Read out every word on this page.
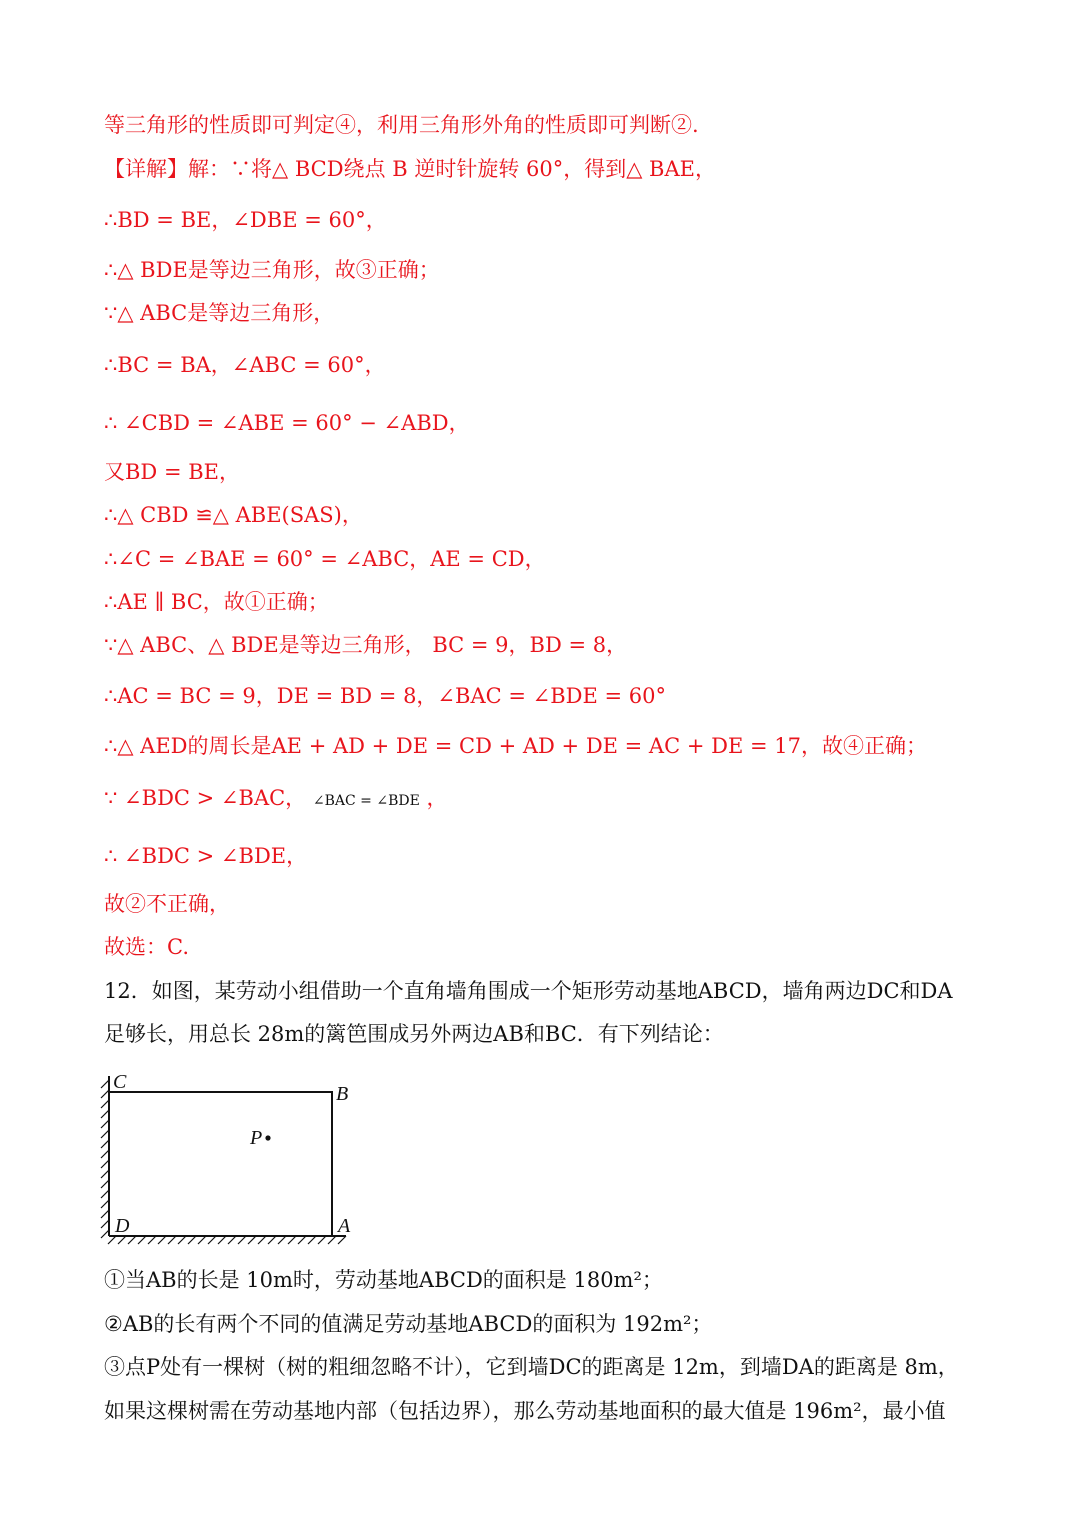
等三角形的性质即可判定④，利用三角形外角的性质即可判断②.

【详解】解：∵将△ BCD绕点 B 逆时针旋转 60°，得到△ BAE，

∴BD = BE，∠DBE = 60°，

∴△ BDE是等边三角形，故③正确；

∵△ ABC是等边三角形，

∴BC = BA，∠ABC = 60°，

∴ ∠CBD = ∠ABE = 60° − ∠ABD，

又BD = BE，

∴△ CBD ≌△ ABE(SAS)，

∴∠C = ∠BAE = 60° = ∠ABC，AE = CD，

∴AE ∥ BC，故①正确；

∵△ ABC、△ BDE是等边三角形， BC = 9，BD = 8，

∴AC = BC = 9，DE = BD = 8，∠BAC = ∠BDE = 60°

∴△ AED的周长是AE + AD + DE = CD + AD + DE = AC + DE = 17，故④正确；

∵ ∠BDC > ∠BAC， ∠BAC = ∠BDE ，

∴ ∠BDC > ∠BDE，

故②不正确，

故选：C.

12．如图，某劳动小组借助一个直角墙角围成一个矩形劳动基地ABCD，墙角两边DC和DA

足够长，用总长 28m的篱笆围成另外两边AB和BC．有下列结论：

C
B
D	A
P

①当AB的长是 10m时，劳动基地ABCD的面积是 180m²；

②AB的长有两个不同的值满足劳动基地ABCD的面积为 192m²；

③点P处有一棵树（树的粗细忽略不计），它到墙DC的距离是 12m，到墙DA的距离是 8m，

如果这棵树需在劳动基地内部（包括边界），那么劳动基地面积的最大值是 196m²，最小值
